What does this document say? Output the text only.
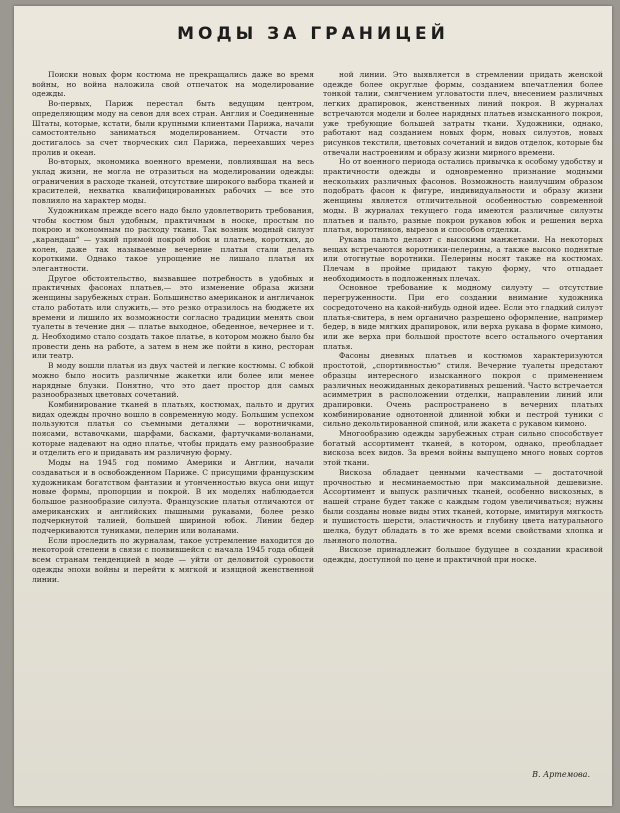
МОДЫ ЗА ГРАНИЦЕЙ

Поиски новых форм костюма не прекращались даже во время войны, но война наложила свой отпечаток на моделирование одежды.

Во-первых, Париж перестал быть ведущим центром, определяющим моду на севон для всех стран. Англия и Соединенные Штаты, которые, кстати, были крупными клиентами Парижа, начали самостоятельно заниматься моделированием. Отчасти это достигалось за счет творческих сил Парижа, переехавших через пролив и океан.

Во-вторых, экономика военного времени, повлиявшая на весь уклад жизни, не могла не отразиться на моделировании одежды: ограничения в расходе тканей, отсутствие широкого выбора тканей и красителей, нехватка квалифицированных рабочих — все это повлияло на характер моды.

Художникам прежде всего надо было удовлетворить требования, чтобы костюм был удобным, практичным в носке, простым по покрою и экономным по расходу ткани. Так возник модный силуэт „карандаш“ — узкий прямой покрой юбок и платьев, коротких, до колен, даже так называемые вечерние платья стали делать короткими. Однако такое упрощение не лишало платья их элегантности.

Другое обстоятельство, вызвавшее потребность в удобных и практичных фасонах платьев,— это изменение образа жизни женщины зарубежных стран. Большинство американок и англичанок стало работать или служить,— это резко отразилось на бюджете их времени и лишило их возможности согласно традиции менять свои туалеты в течение дня — платье выходное, обеденное, вечернее и т. д. Необходимо стало создать такое платье, в котором можно было бы провести день на работе, а затем в нем же пойти в кино, ресторан или театр.

В моду вошли платья из двух частей и легкие костюмы. С юбкой можно было носить различные жакетки или более или менее нарядные блузки. Понятно, что это дает простор для самых разнообразных цветовых сочетаний.

Комбинирование тканей в платьях, костюмах, пальто и других видах одежды прочно вошло в современную моду. Большим успехом пользуются платья со съемными деталями — воротничками, поясами, вставочками, шарфами, басками, фартучками-воланами, которые надевают на одно платье, чтобы придать ему разнообразие и отделить его и придавать им различную форму.

Моды на 1945 год помимо Америки и Англии, начали создаваться и в освобожденном Париже. С присущими французским художникам богатством фантазии и утонченностью вкуса они ищут новые формы, пропорции и покрой. В их моделях наблюдается большое разнообразие силуэта. Французские платья отличаются от американских и английских пышными рукавами, более резко подчеркнутой талией, большей шириной юбок. Линии бедер подчеркиваются туниками, пелерин или воланами.

Если проследить по журналам, такое устремление находится до некоторой степени в связи с появившейся с начала 1945 года общей всем странам тенденцией в моде — уйти от деловитой суровости одежды эпохи войны и перейти к мягкой и изящной женственной линии.

ной линии. Это выявляется в стремлении придать женской одежде более округлые формы, созданием впечатления более тонкой талии, смягчением угловатости плеч, внесением различных легких драпировок, женственных линий покроя. В журналах встречаются модели и более нарядных платьев изысканного покроя, уже требующие большей затраты ткани. Художники, однако, работают над созданием новых форм, новых силуэтов, новых рисунков текстиля, цветовых сочетаний и видов отделок, которые бы отвечали настроениям и образу жизни мирного времени.

Но от военного периода остались привычка к особому удобству и практичности одежды и одновременно признание модными нескольких различных фасонов. Возможность наилучшим образом подобрать фасон к фигуре, индивидуальности и образу жизни женщины является отличительной особенностью современной моды. В журналах текущего года имеются различные силуэты платьев и пальто, разные покрои рукавов юбок и решения верха платья, воротников, вырезов и способов отделки.

Рукава пальто делают с высокими манжетами. На некоторых вещах встречаются воротники-пелерины, а также высоко поднятые или отогнутые воротники. Пелерины носят также на костюмах. Плечам в пройме придают такую форму, что отпадает необходимость в подложенных плечах.

Основное требование к модному силуэту — отсутствие перегруженности. При его создании внимание художника сосредоточено на какой-нибудь одной идее. Если это гладкий силуэт платья-свитера, в нем органично разрешено оформление, например бедер, в виде мягких драпировок, или верха рукава в форме кимоно, или же верха при большой простоте всего остального очертания платья.

Фасоны дневных платьев и костюмов характеризуются простотой, „спортивностью“ стиля. Вечерние туалеты предстают образцы интересного изысканного покроя с применением различных неожиданных декоративных решений. Часто встречается асимметрия в расположении отделки, направлении линий или драпировки. Очень распространено в вечерних платьях комбинирование однотонной длинной юбки и пестрой туники с сильно декольтированной спиной, или жакета с рукавом кимоно.

Многообразию одежды зарубежных стран сильно способствует богатый ассортимент тканей, в котором, однако, преобладает вискоза всех видов. За время войны выпущено много новых сортов этой ткани.

Вискоза обладает ценными качествами — достаточной прочностью и несминаемостью при максимальной дешевизне. Ассортимент и выпуск различных тканей, особенно вискозных, в нашей стране будет также с каждым годом увеличиваться; нужны были созданы новые виды этих тканей, которые, имитируя мягкость и пушистость шерсти, эластичность и глубину цвета натурального шелка, будут обладать в то же время всеми свойствами хлопка и льняного полотна.

Вискозе принадлежит большое будущее в создании красивой одежды, доступной по цене и практичной при носке.

В. Артемова.
